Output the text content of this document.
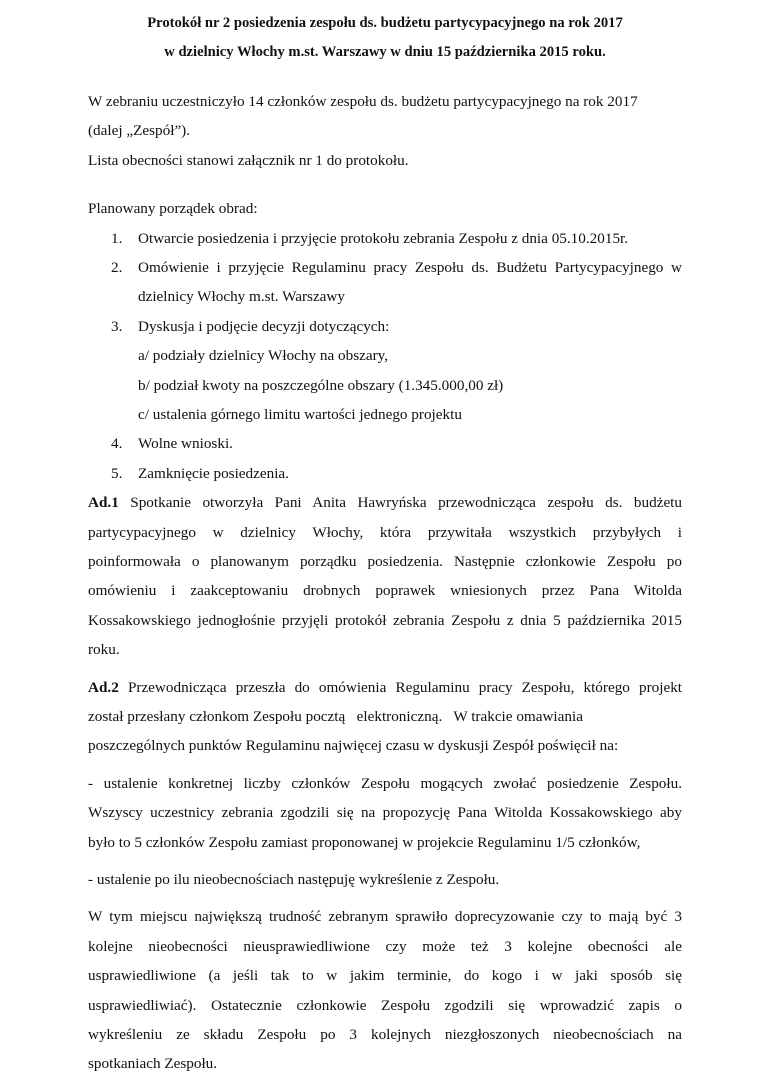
Protokół nr 2 posiedzenia zespołu ds. budżetu partycypacyjnego na rok 2017

w dzielnicy Włochy m.st. Warszawy w dniu 15 października 2015 roku.

W zebraniu uczestniczyło 14 członków zespołu ds. budżetu partycypacyjnego na rok 2017
(dalej „Zespół”).
Lista obecności stanowi załącznik nr 1 do protokołu.
Planowany porządek obrad:
1. Otwarcie posiedzenia i przyjęcie protokołu zebrania Zespołu z dnia 05.10.2015r.
2. Omówienie i przyjęcie Regulaminu pracy Zespołu ds. Budżetu Partycypacyjnego w
dzielnicy Włochy m.st. Warszawy
3. Dyskusja i podjęcie decyzji dotyczących:
a/ podziały dzielnicy Włochy na obszary,
b/ podział kwoty na poszczególne obszary (1.345.000,00 zł)
c/ ustalenia górnego limitu wartości jednego projektu
4. Wolne wnioski.
5. Zamknięcie posiedzenia.
Ad.1 Spotkanie otworzyła Pani Anita Hawryńska przewodnicząca zespołu ds. budżetu
partycypacyjnego w dzielnicy Włochy, która przywitała wszystkich przybyłych i
poinformowała o planowanym porządku posiedzenia. Następnie członkowie Zespołu po
omówieniu i zaakceptowaniu drobnych poprawek wniesionych przez Pana Witolda
Kossakowskiego jednogłośnie przyjęli protokół zebrania Zespołu z dnia 5 października 2015
roku.
Ad.2 Przewodnicząca przeszła do omówienia Regulaminu pracy Zespołu, którego projekt
został przesłany członkom Zespołu pocztą   elektroniczną.   W trakcie omawiania
poszczególnych punktów Regulaminu najwięcej czasu w dyskusji Zespół poświęcił na:
- ustalenie konkretnej liczby członków Zespołu mogących zwołać posiedzenie Zespołu.
Wszyscy uczestnicy zebrania zgodzili się na propozycję Pana Witolda Kossakowskiego aby
było to 5 członków Zespołu zamiast proponowanej w projekcie Regulaminu 1/5 członków,
- ustalenie po ilu nieobecnościach następuję wykreślenie z Zespołu.
usprawiedliwiać). Ostatecznie członkowie Zespołu zgodzili się wprowadzić zapis o
wykreśleniu ze składu Zespołu po 3 kolejnych niezgłoszonych nieobecnościach na
spotkaniach Zespołu.
W tym miejscu największą trudność zebranym sprawiło doprecyzowanie czy to mają być 3
kolejne nieobecności nieusprawiedliwione czy może też 3 kolejne obecności ale
usprawiedliwione (a jeśli tak to w jakim terminie, do kogo i w jaki sposób się
